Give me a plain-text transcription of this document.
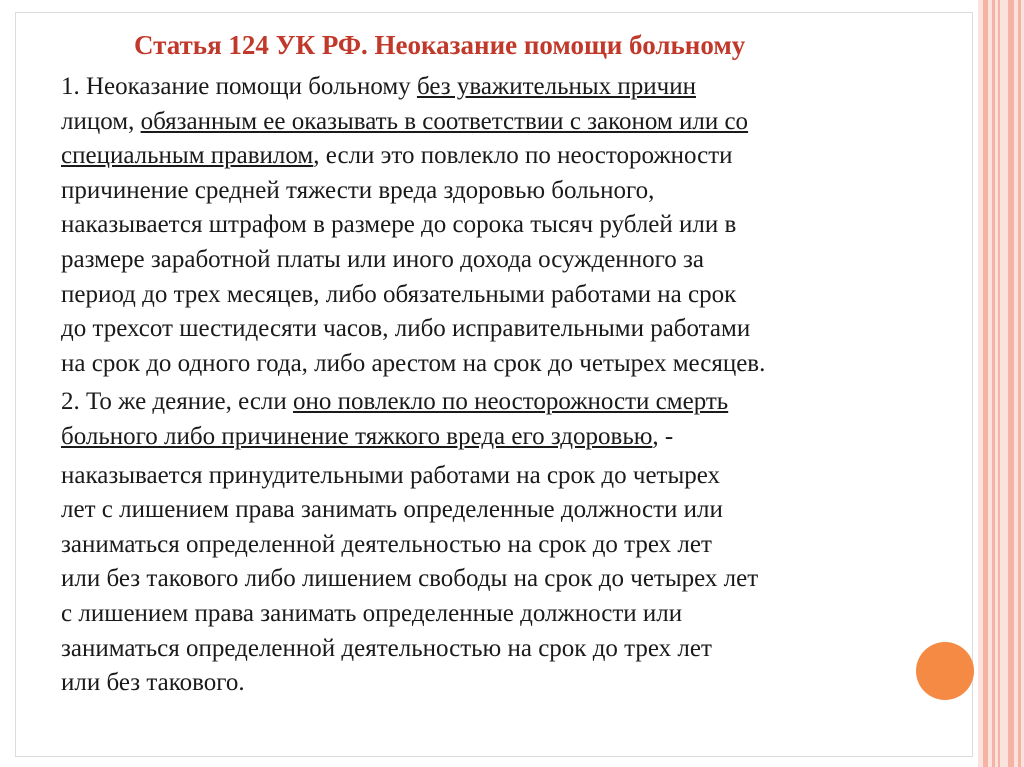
Статья 124 УК РФ. Неоказание помощи больному
1. Неоказание помощи больному без уважительных причин
лицом, обязанным ее оказывать в соответствии с законом или со
специальным правилом, если это повлекло по неосторожности
причинение средней тяжести вреда здоровью больного,
наказывается штрафом в размере до сорока тысяч рублей или в
размере заработной платы или иного дохода осужденного за
период до трех месяцев, либо обязательными работами на срок
до трехсот шестидесяти часов, либо исправительными работами
на срок до одного года, либо арестом на срок до четырех месяцев.
2. То же деяние, если оно повлекло по неосторожности смерть
больного либо причинение тяжкого вреда его здоровью, -
наказывается принудительными работами на срок до четырех
лет с лишением права занимать определенные должности или
заниматься определенной деятельностью на срок до трех лет
или без такового либо лишением свободы на срок до четырех лет
с лишением права занимать определенные должности или
заниматься определенной деятельностью на срок до трех лет
или без такового.
